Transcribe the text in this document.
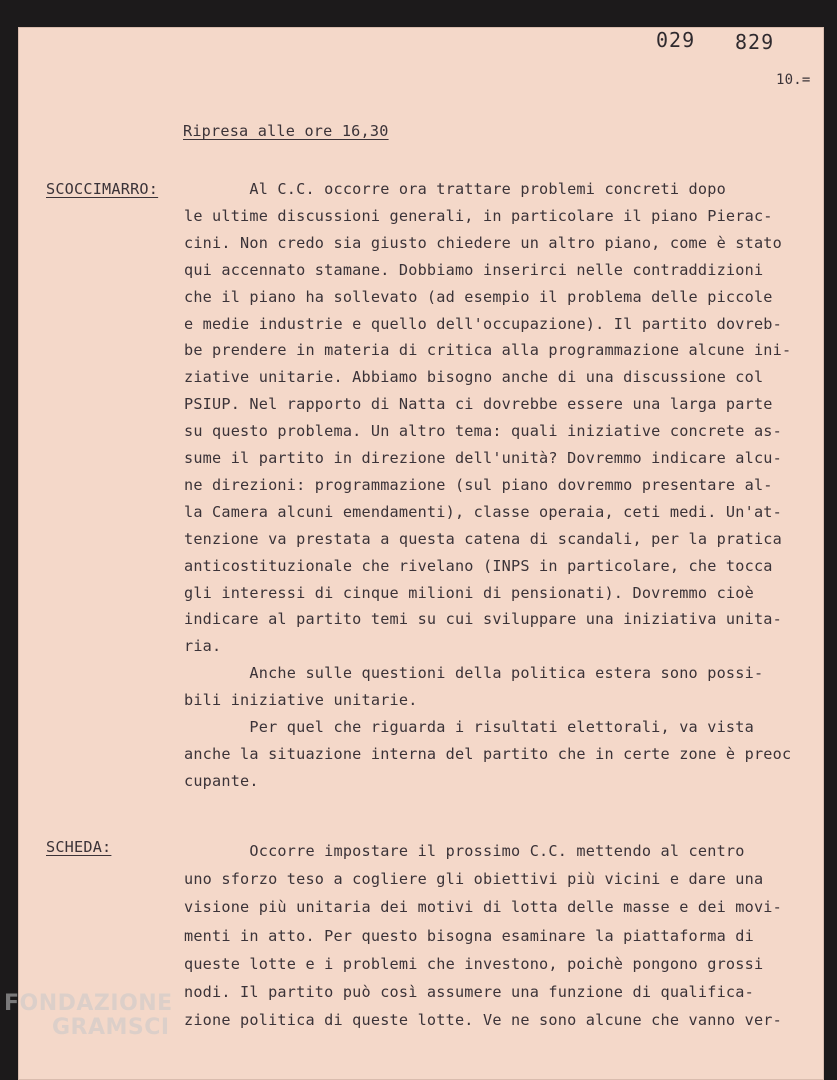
029 829
10.=
Ripresa alle ore 16,30
SCOCCIMARRO: Al C.C. occorre ora trattare problemi concreti dopo
le ultime discussioni generali, in particolare il piano Pierac-
cini. Non credo sia giusto chiedere un altro piano, come è stato
qui accennato stamane. Dobbiamo inserirci nelle contraddizioni
che il piano ha sollevato (ad esempio il problema delle piccole
e medie industrie e quello dell'occupazione). Il partito dovreb-
be prendere in materia di critica alla programmazione alcune ini-
ziative unitarie. Abbiamo bisogno anche di una discussione col
PSIUP. Nel rapporto di Natta ci dovrebbe essere una larga parte
su questo problema. Un altro tema: quali iniziative concrete as-
sume il partito in direzione dell'unità? Dovremmo indicare alcu-
ne direzioni: programmazione (sul piano dovremmo presentare al-
la Camera alcuni emendamenti), classe operaia, ceti medi. Un'at-
tenzione va prestata a questa catena di scandali, per la pratica
anticostituzionale che rivelano (INPS in particolare, che tocca
gli interessi di cinque milioni di pensionati). Dovremmo cioè
indicare al partito temi su cui sviluppare una iniziativa unita-
ria.
Anche sulle questioni della politica estera sono possi-
bili iniziative unitarie.
Per quel che riguarda i risultati elettorali, va vista
anche la situazione interna del partito che in certe zone è preoc
cupante.
SCHEDA:	Occorre impostare il prossimo C.C. mettendo al centro
uno sforzo teso a cogliere gli obiettivi più vicini e dare una
visione più unitaria dei motivi di lotta delle masse e dei movi-
menti in atto. Per questo bisogna esaminare la piattaforma di
queste lotte e i problemi che investono, poichè pongono grossi
nodi. Il partito può così assumere una funzione di qualifica-
zione politica di queste lotte. Ve ne sono alcune che vanno ver-
FONDAZIONE
GRAMSCI
